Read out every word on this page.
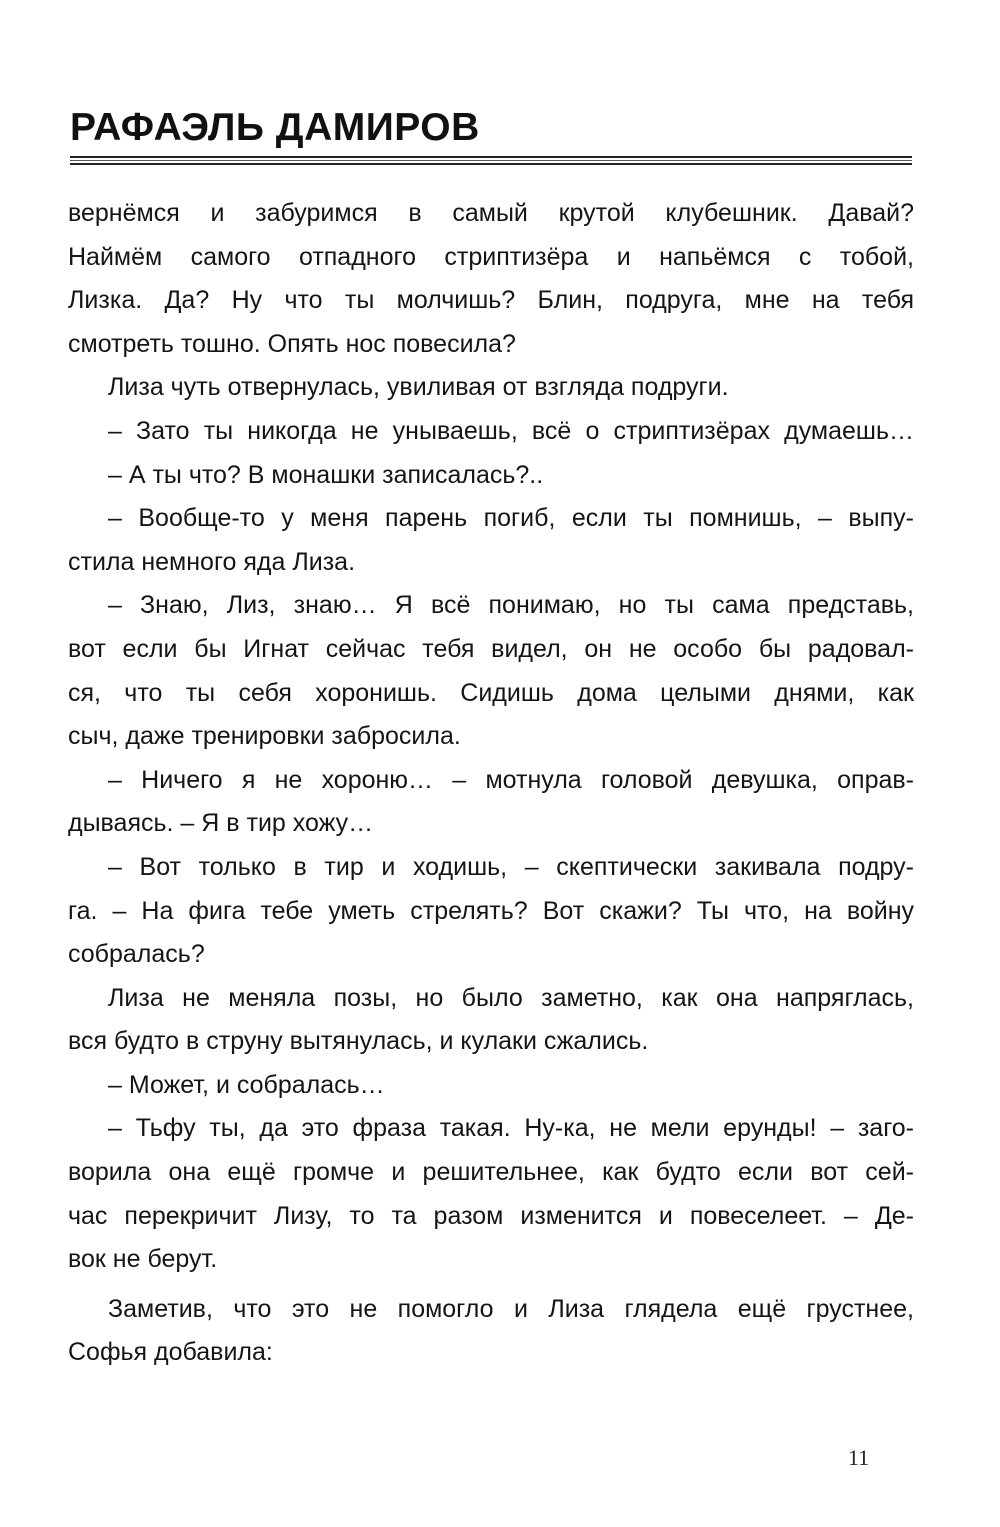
РАФАЭЛЬ ДАМИРОВ
вернёмся и забуримся в самый крутой клубешник. Давай?
Наймём самого отпадного стриптизёра и напьёмся с тобой,
Лизка. Да? Ну что ты молчишь? Блин, подруга, мне на тебя
смотреть тошно. Опять нос повесила?
Лиза чуть отвернулась, увиливая от взгляда подруги.
– Зато ты никогда не унываешь, всё о стриптизёрах думаешь…
– А ты что? В монашки записалась?..
– Вообще-то у меня парень погиб, если ты помнишь, – выпу-
стила немного яда Лиза.
– Знаю, Лиз, знаю… Я всё понимаю, но ты сама представь,
вот если бы Игнат сейчас тебя видел, он не особо бы радовал-
ся, что ты себя хоронишь. Сидишь дома целыми днями, как
сыч, даже тренировки забросила.
– Ничего я не хороню… – мотнула головой девушка, оправ-
дываясь. – Я в тир хожу…
– Вот только в тир и ходишь, – скептически закивала подру-
га. – На фига тебе уметь стрелять? Вот скажи? Ты что, на войну
собралась?
Лиза не меняла позы, но было заметно, как она напряглась,
вся будто в струну вытянулась, и кулаки сжались.
– Может, и собралась…
– Тьфу ты, да это фраза такая. Ну-ка, не мели ерунды! – заго-
ворила она ещё громче и решительнее, как будто если вот сей-
час перекричит Лизу, то та разом изменится и повеселеет. – Де-
вок не берут.
Заметив, что это не помогло и Лиза глядела ещё грустнее,
Софья добавила:
11
